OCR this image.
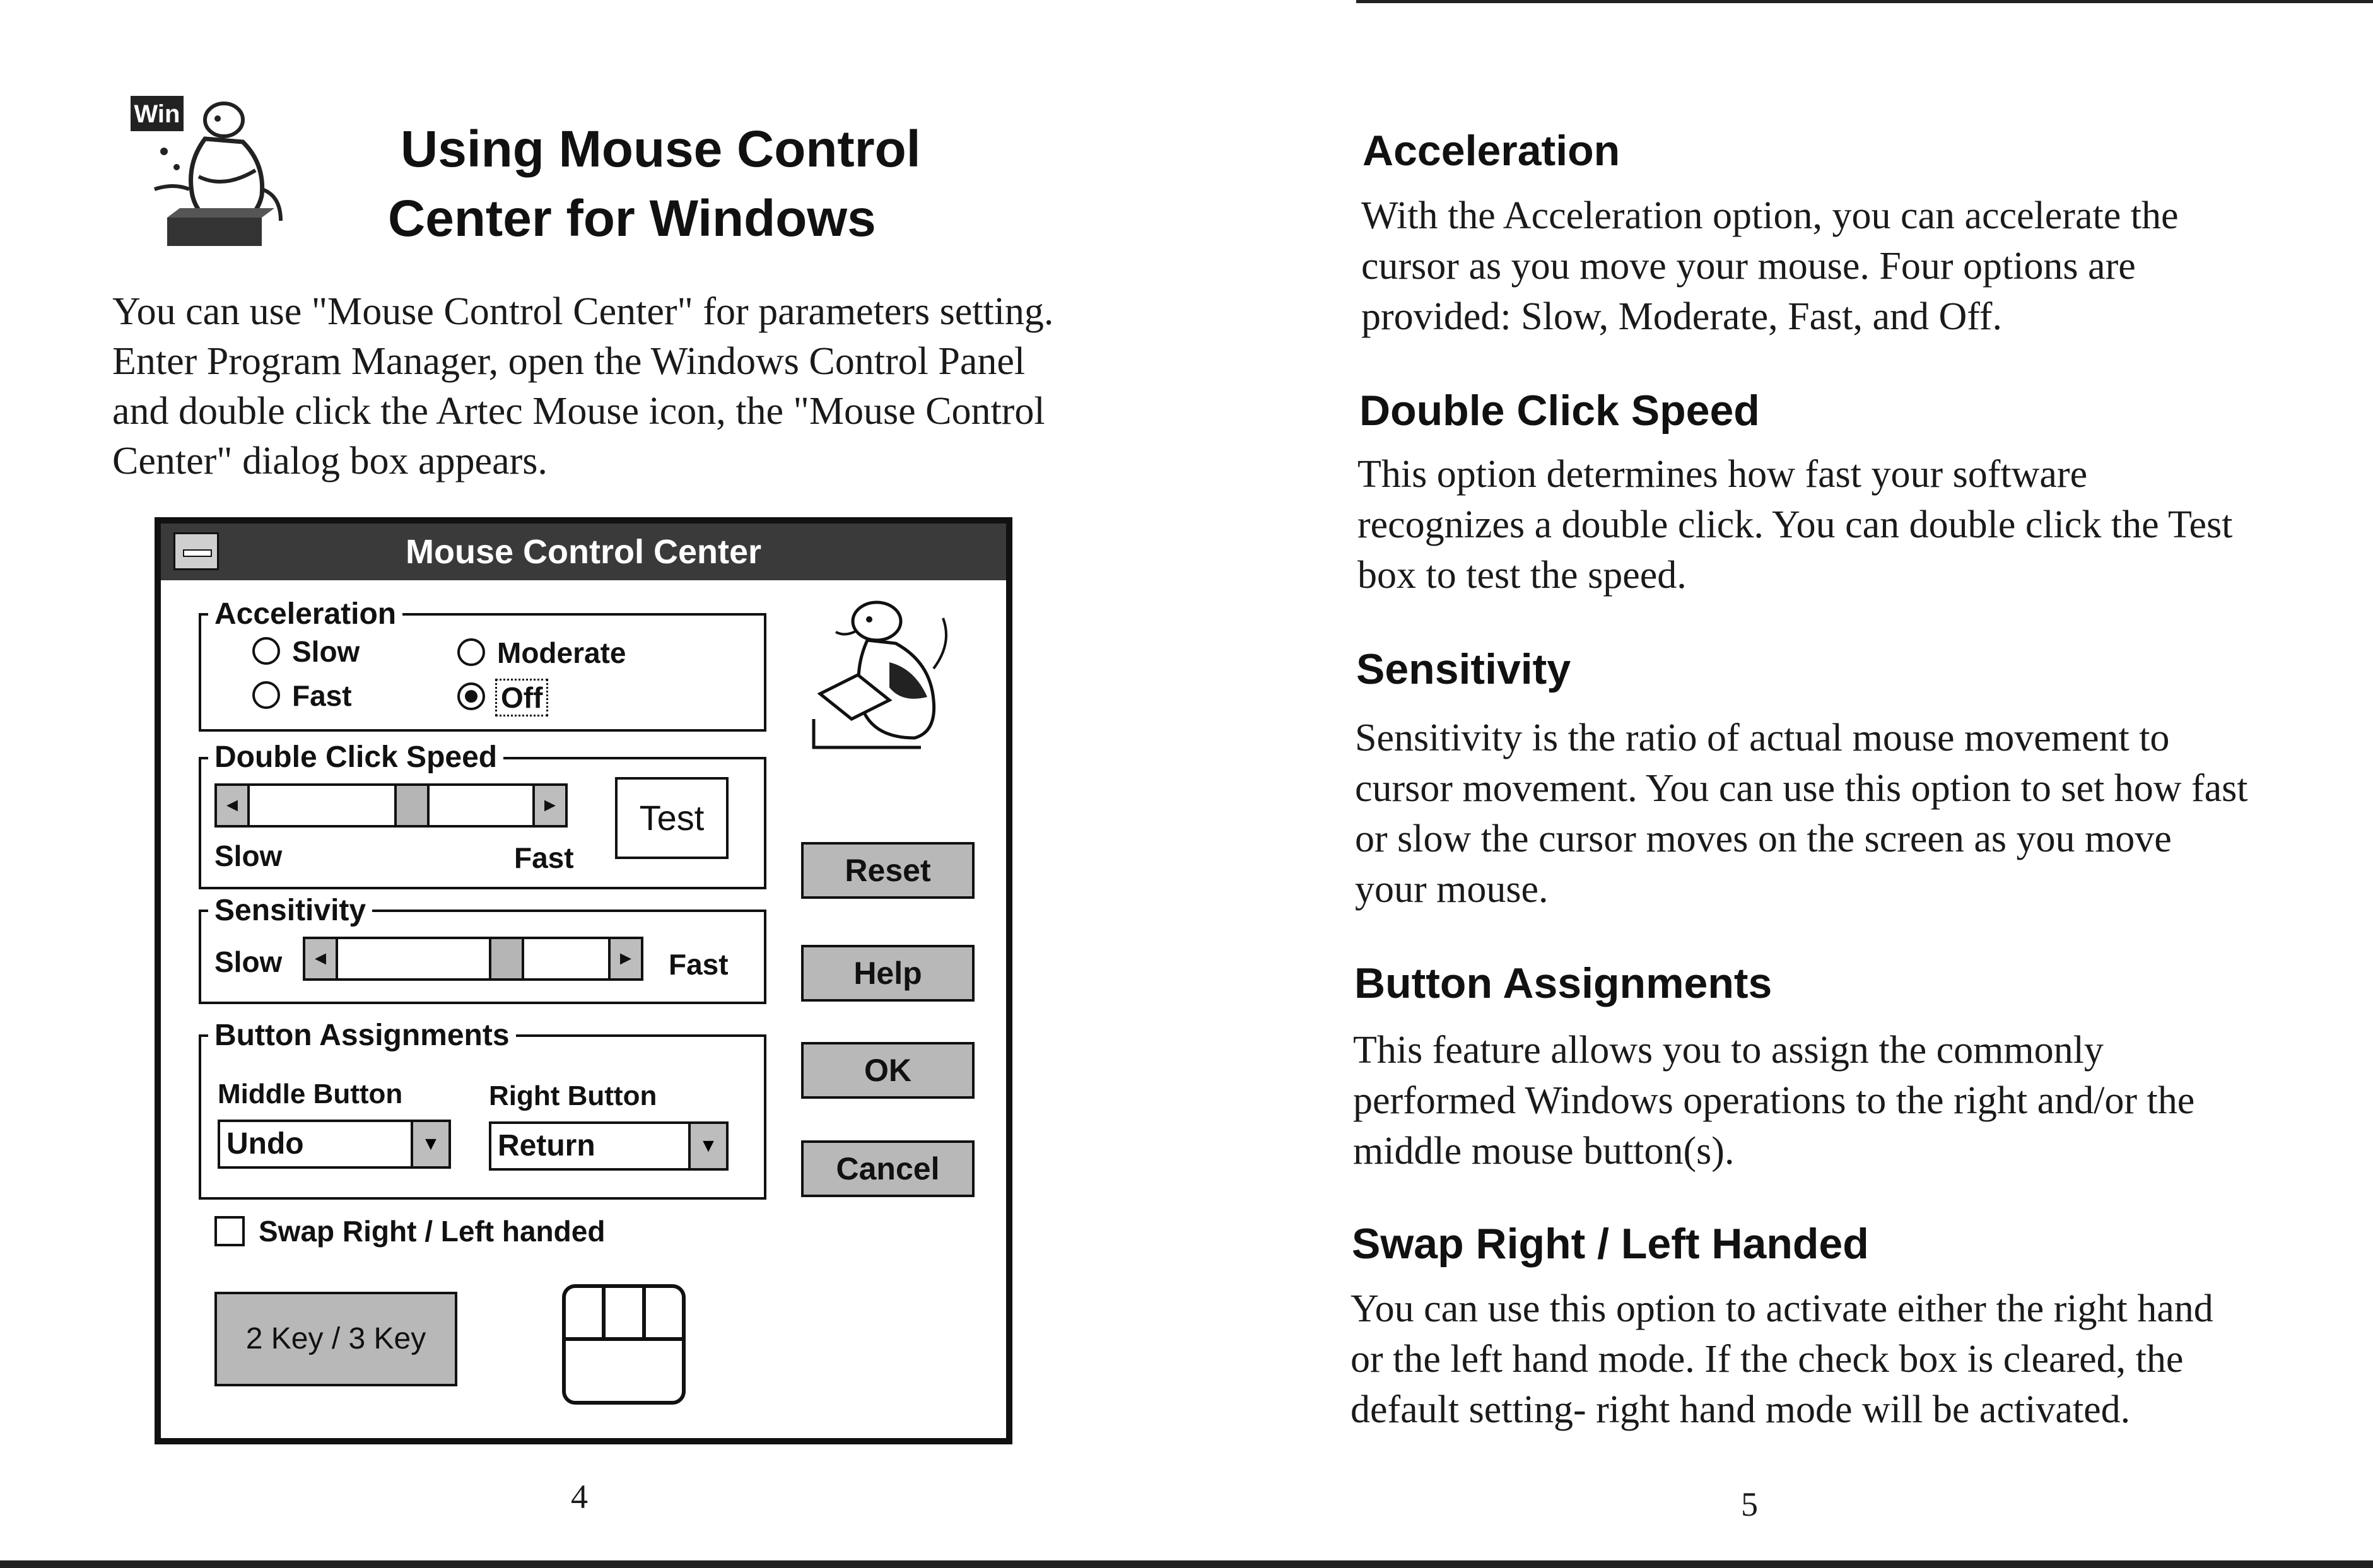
Win
Using Mouse Control
Center for Windows
You can use "Mouse Control Center" for parameters setting. Enter Program Manager, open the Windows Control Panel and double click the Artec Mouse icon, the "Mouse Control Center" dialog box appears.
Mouse Control Center
Acceleration
Slow	Moderate
Fast	Off
Double Click Speed
◄	►
Slow	Fast
Test
Sensitivity
Slow	◄	► Fast
Button Assignments
Middle Button	Right Button
Undo	▼ Return	▼
Swap Right / Left handed
2 Key / 3 Key
Reset
Help
OK
Cancel
4
Acceleration
With the Acceleration option, you can accelerate the cursor as you move your mouse. Four options are provided: Slow, Moderate, Fast, and Off.
Double Click Speed
This option determines how fast your software recognizes a double click. You can double click the Test box to test the speed.
Sensitivity
Sensitivity is the ratio of actual mouse movement to cursor movement. You can use this option to set how fast or slow the cursor moves on the screen as you move your mouse.
Button Assignments
This feature allows you to assign the commonly performed Windows operations to the right and/or the middle mouse button(s).
Swap Right / Left Handed
You can use this option to activate either the right hand or the left hand mode. If the check box is cleared, the default setting- right hand mode will be activated.
5
